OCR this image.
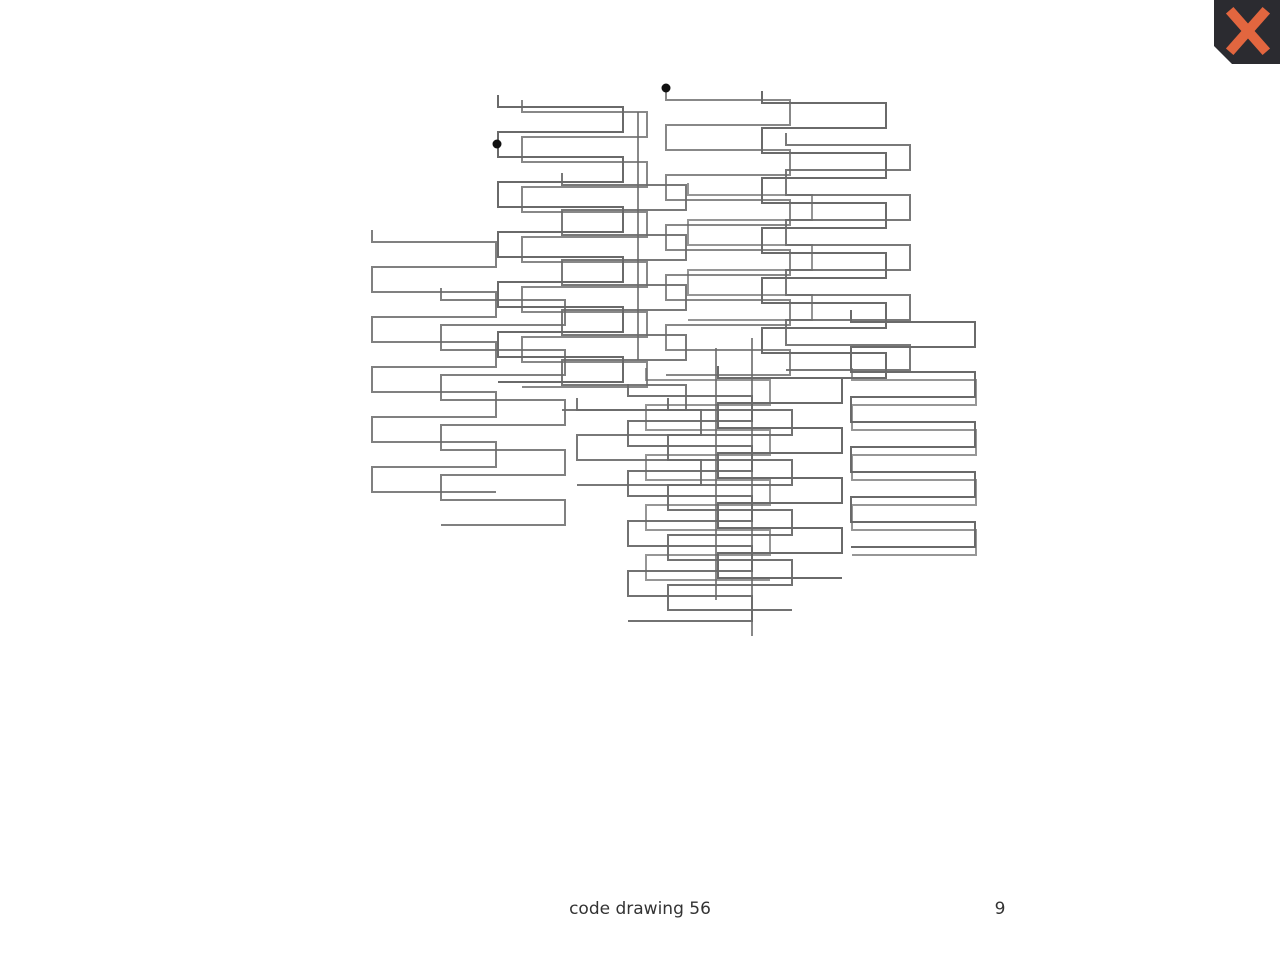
code drawing 56	9
